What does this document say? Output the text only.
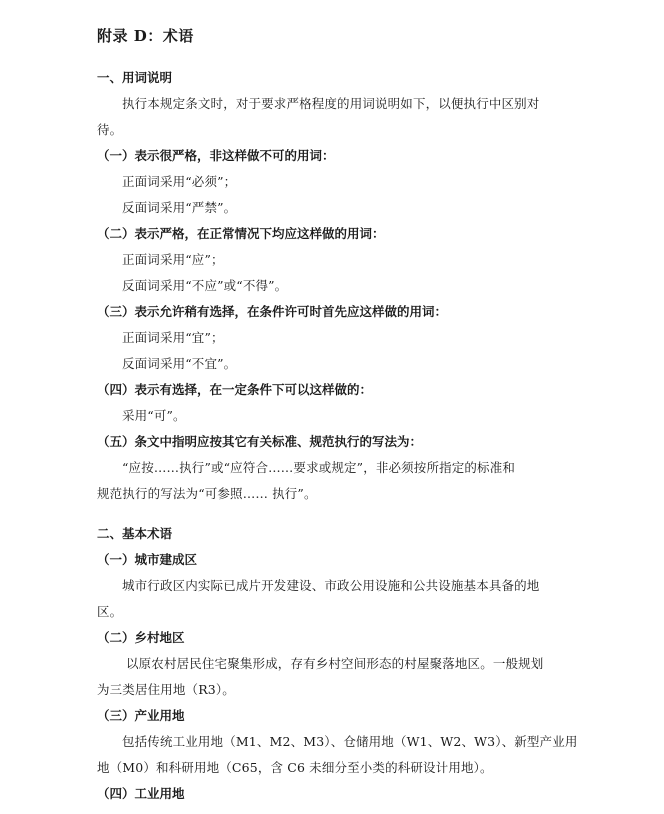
附录 D：术语
一、用词说明
执行本规定条文时，对于要求严格程度的用词说明如下，以便执行中区别对
待。
（一）表示很严格，非这样做不可的用词：
正面词采用“必须”；
反面词采用“严禁”。
（二）表示严格，在正常情况下均应这样做的用词：
正面词采用“应”；
反面词采用“不应”或“不得”。
（三）表示允许稍有选择，在条件许可时首先应这样做的用词：
正面词采用“宜”；
反面词采用“不宜”。
（四）表示有选择，在一定条件下可以这样做的：
采用“可”。
（五）条文中指明应按其它有关标准、规范执行的写法为：
“应按……执行”或“应符合……要求或规定”，非必须按所指定的标准和
规范执行的写法为“可参照…… 执行”。
二、基本术语
（一）城市建成区
城市行政区内实际已成片开发建设、市政公用设施和公共设施基本具备的地
区。
（二）乡村地区
以原农村居民住宅聚集形成，存有乡村空间形态的村屋聚落地区。一般规划
为三类居住用地（R3）。
（三）产业用地
包括传统工业用地（M1、M2、M3）、仓储用地（W1、W2、W3）、新型产业用
地（M0）和科研用地（C65，含 C6 未细分至小类的科研设计用地）。
（四）工业用地
